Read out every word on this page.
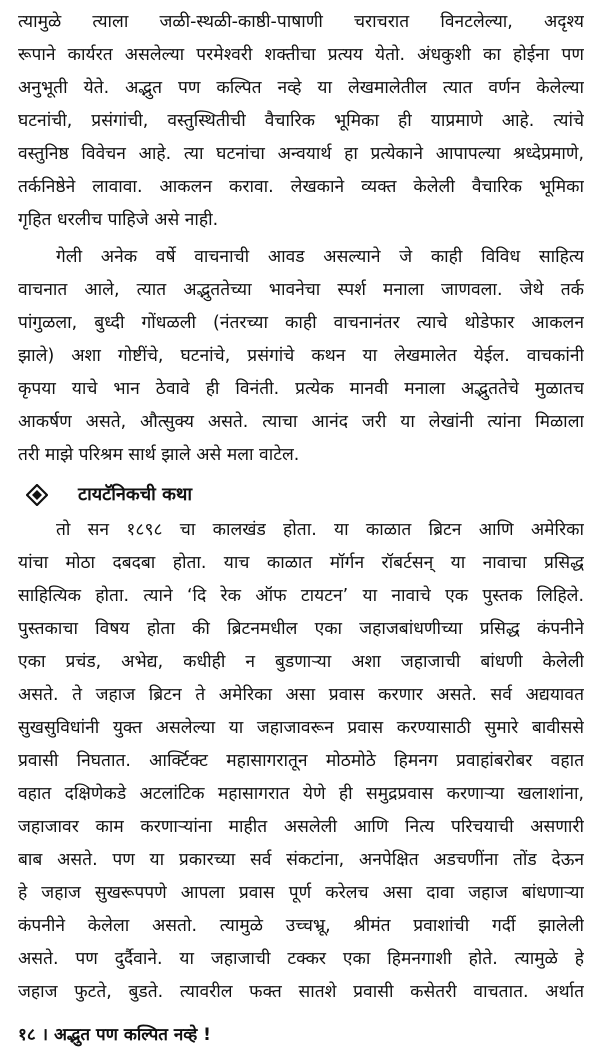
त्यामुळे त्याला जळी-स्थळी-काष्ठी-पाषाणी चराचरात विनटलेल्या, अदृश्य
रूपाने कार्यरत असलेल्या परमेश्वरी शक्तीचा प्रत्यय येतो. अंधकुशी का होईना पण
अनुभूती येते. अद्भुत पण कल्पित नव्हे या लेखमालेतील त्यात वर्णन केलेल्या
घटनांची, प्रसंगांची, वस्तुस्थितीची वैचारिक भूमिका ही याप्रमाणे आहे. त्यांचे
वस्तुनिष्ठ विवेचन आहे. त्या घटनांचा अन्वयार्थ हा प्रत्येकाने आपापल्या श्रध्देप्रमाणे,
तर्कनिष्ठेने लावावा. आकलन करावा. लेखकाने व्यक्त केलेली वैचारिक भूमिका
गृहित धरलीच पाहिजे असे नाही.
गेली अनेक वर्षे वाचनाची आवड असल्याने जे काही विविध साहित्य
वाचनात आले, त्यात अद्भुततेच्या भावनेचा स्पर्श मनाला जाणवला. जेथे तर्क
पांगुळला, बुध्दी गोंधळली (नंतरच्या काही वाचनानंतर त्याचे थोडेफार आकलन
झाले) अशा गोष्टींचे, घटनांचे, प्रसंगांचे कथन या लेखमालेत येईल. वाचकांनी
कृपया याचे भान ठेवावे ही विनंती. प्रत्येक मानवी मनाला अद्भुततेचे मुळातच
आकर्षण असते, औत्सुक्य असते. त्याचा आनंद जरी या लेखांनी त्यांना मिळाला
तरी माझे परिश्रम सार्थ झाले असे मला वाटेल.
टायटॅनिकची कथा
तो सन १८९८ चा कालखंड होता. या काळात ब्रिटन आणि अमेरिका
यांचा मोठा दबदबा होता. याच काळात मॉर्गन रॉबर्टसन् या नावाचा प्रसिद्ध
साहित्यिक होता. त्याने ‘दि रेक ऑफ टायटन’ या नावाचे एक पुस्तक लिहिले.
पुस्तकाचा विषय होता की ब्रिटनमधील एका जहाजबांधणीच्या प्रसिद्ध कंपनीने
एका प्रचंड, अभेद्य, कधीही न बुडणाऱ्या अशा जहाजाची बांधणी केलेली
असते. ते जहाज ब्रिटन ते अमेरिका असा प्रवास करणार असते. सर्व अद्ययावत
सुखसुविधांनी युक्त असलेल्या या जहाजावरून प्रवास करण्यासाठी सुमारे बावीससे
प्रवासी निघतात. आर्क्टिक्ट महासागरातून मोठमोठे हिमनग प्रवाहांबरोबर वहात
वहात दक्षिणेकडे अटलांटिक महासागरात येणे ही समुद्रप्रवास करणाऱ्या खलाशांना,
जहाजावर काम करणाऱ्यांना माहीत असलेली आणि नित्य परिचयाची असणारी
बाब असते. पण या प्रकारच्या सर्व संकटांना, अनपेक्षित अडचणींना तोंड देऊन
हे जहाज सुखरूपपणे आपला प्रवास पूर्ण करेलच असा दावा जहाज बांधणाऱ्या
कंपनीने केलेला असतो. त्यामुळे उच्चभ्रू, श्रीमंत प्रवाशांची गर्दी झालेली
असते. पण दुर्दैवाने. या जहाजाची टक्कर एका हिमनगाशी होते. त्यामुळे हे
जहाज फुटते, बुडते. त्यावरील फक्त सातशे प्रवासी कसेतरी वाचतात. अर्थात
१८ । अद्भुत पण कल्पित नव्हे !
